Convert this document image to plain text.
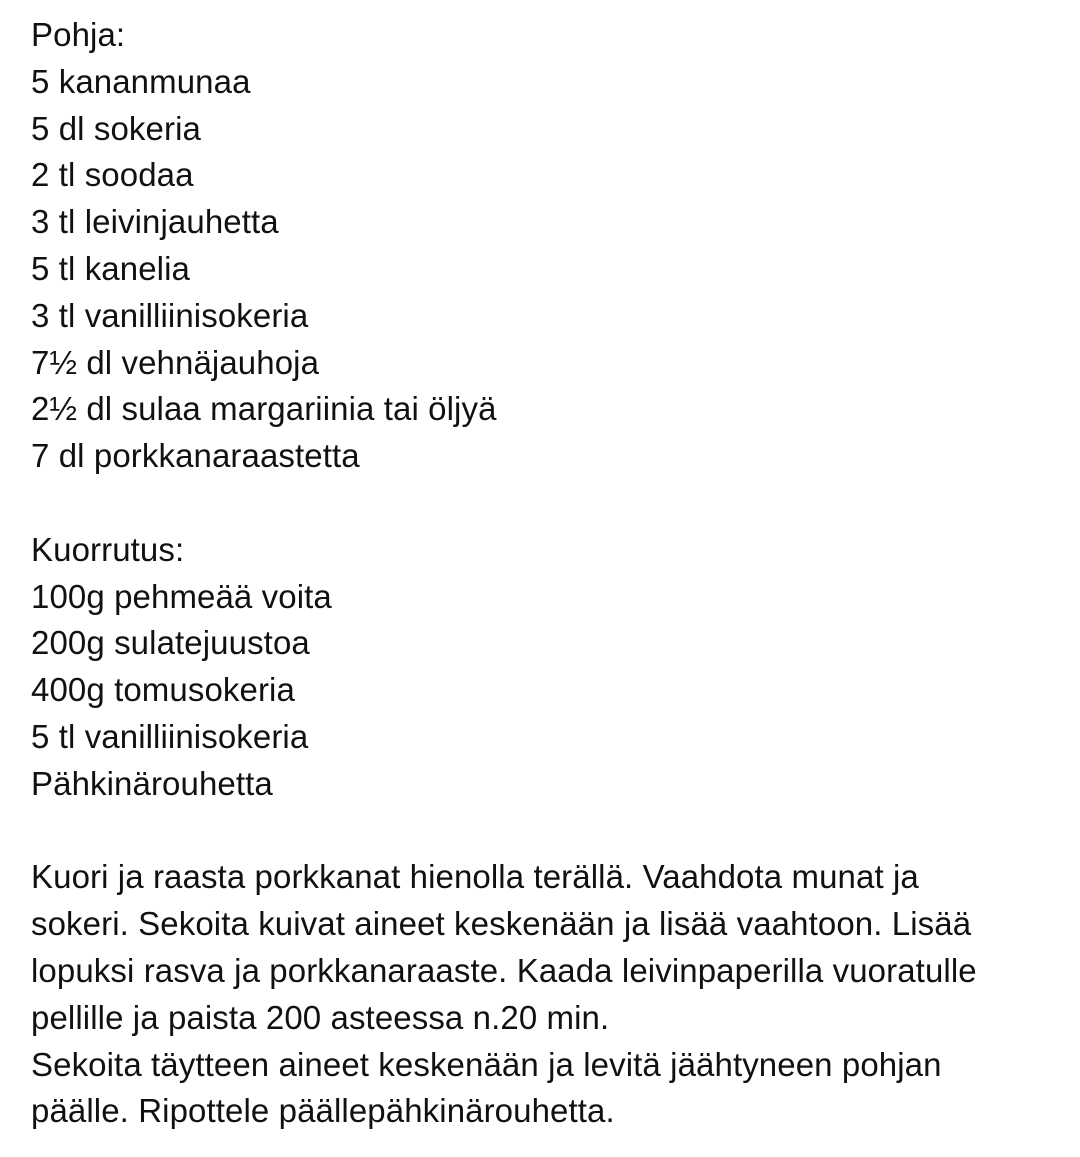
Pohja:
5 kananmunaa
5 dl sokeria
2 tl soodaa
3 tl leivinjauhetta
5 tl kanelia
3 tl vanilliinisokeria
7½ dl vehnäjauhoja
2½ dl sulaa margariinia tai öljyä
7 dl porkkanaraastetta
Kuorrutus:
100g pehmeää voita
200g sulatejuustoa
400g tomusokeria
5 tl vanilliinisokeria
Pähkinärouhetta

Kuori ja raasta porkkanat hienolla terällä. Vaahdota munat ja
sokeri. Sekoita kuivat aineet keskenään ja lisää vaahtoon. Lisää
lopuksi rasva ja porkkanaraaste. Kaada leivinpaperilla vuoratulle
pellille ja paista 200 asteessa n.20 min.

Sekoita täytteen aineet keskenään ja levitä jäähtyneen pohjan
päälle. Ripottele päällepähkinärouhetta.
